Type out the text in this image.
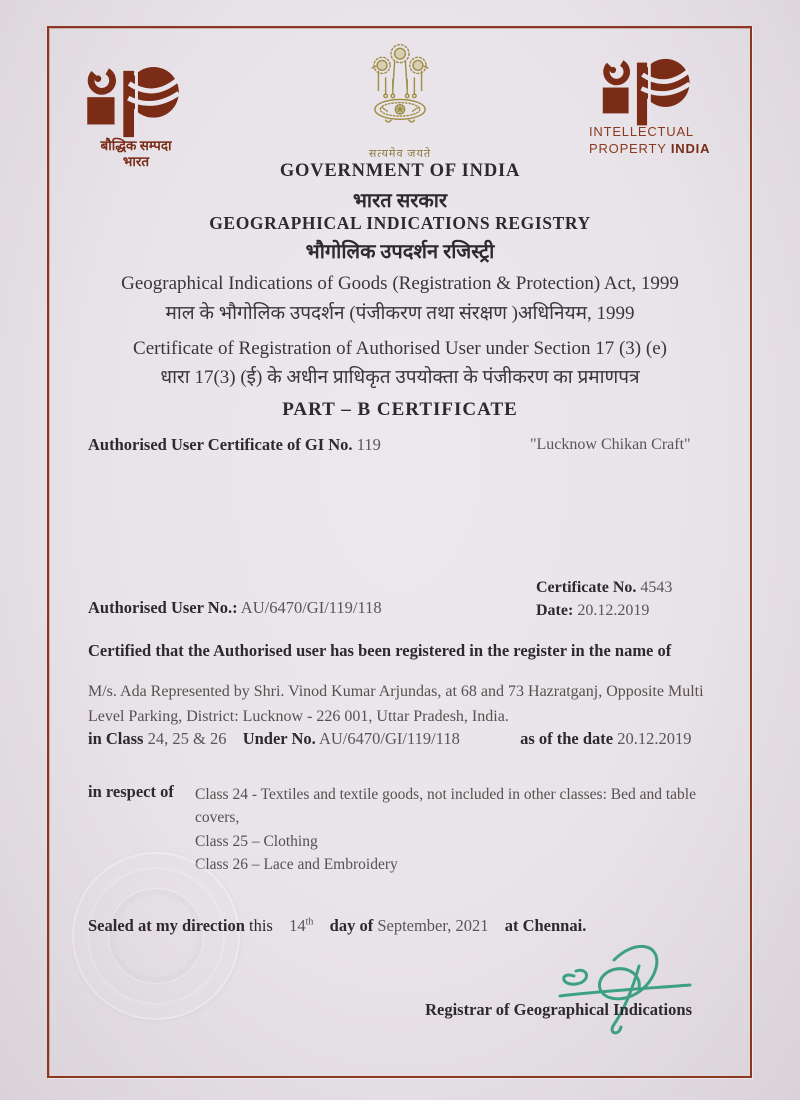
बौद्धिक सम्पदा
भारत	सत्यमेव जयते
INTELLECTUAL
PROPERTY INDIA
GOVERNMENT OF INDIA
भारत सरकार
GEOGRAPHICAL INDICATIONS REGISTRY
भौगोलिक उपदर्शन रजिस्ट्री
Geographical Indications of Goods (Registration & Protection) Act, 1999
माल के भौगोलिक उपदर्शन (पंजीकरण तथा संरक्षण )अधिनियम, 1999
Certificate of Registration of Authorised User under Section 17 (3) (e)
धारा 17(3) (ई) के अधीन प्राधिकृत उपयोक्ता के पंजीकरण का प्रमाणपत्र
PART – B CERTIFICATE
Authorised User Certificate of GI No. 119	"Lucknow Chikan Craft"
Certificate No. 4543
Date: 20.12.2019
Authorised User No.: AU/6470/GI/119/118
Certified that the Authorised user has been registered in the register in the name of
M/s. Ada Represented by Shri. Vinod Kumar Arjundas, at 68 and 73 Hazratganj, Opposite Multi Level Parking, District: Lucknow - 226 001, Uttar Pradesh, India.
in Class 24, 25 & 26 Under No. AU/6470/GI/119/118	as of the date 20.12.2019
in respect of Class 24 - Textiles and textile goods, not included in other classes: Bed and table covers,
Class 25 – Clothing
Class 26 – Lace and Embroidery
Sealed at my direction this 14th day of September, 2021 at Chennai.
Registrar of Geographical Indications
